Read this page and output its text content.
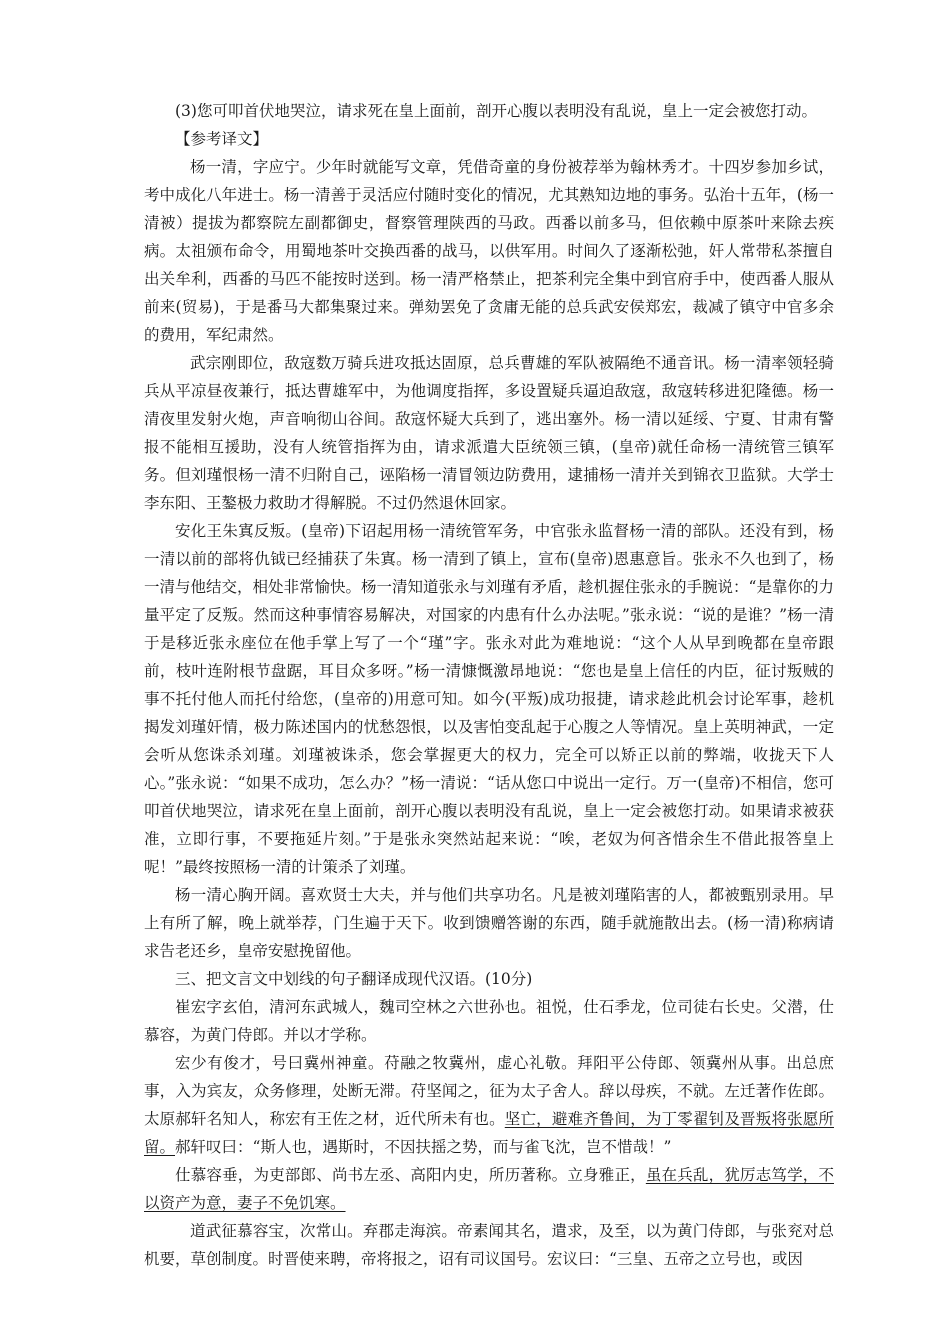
(3)您可叩首伏地哭泣，请求死在皇上面前，剖开心腹以表明没有乱说，皇上一定会被您打动。

【参考译文】

杨一清，字应宁。少年时就能写文章，凭借奇童的身份被荐举为翰林秀才。十四岁参加乡试，考中成化八年进士。杨一清善于灵活应付随时变化的情况，尤其熟知边地的事务。弘治十五年，(杨一清被）提拔为都察院左副都御史，督察管理陕西的马政。西番以前多马，但依赖中原茶叶来除去疾病。太祖颁布命令，用蜀地茶叶交换西番的战马，以供军用。时间久了逐渐松弛，奸人常带私茶擅自出关牟利，西番的马匹不能按时送到。杨一清严格禁止，把茶利完全集中到官府手中，使西番人服从前来(贸易)，于是番马大都集聚过来。弹劾罢免了贪庸无能的总兵武安侯郑宏，裁减了镇守中官多余的费用，军纪肃然。

武宗刚即位，敌寇数万骑兵进攻抵达固原，总兵曹雄的军队被隔绝不通音讯。杨一清率领轻骑兵从平凉昼夜兼行，抵达曹雄军中，为他调度指挥，多设置疑兵逼迫敌寇，敌寇转移进犯隆德。杨一清夜里发射火炮，声音响彻山谷间。敌寇怀疑大兵到了，逃出塞外。杨一清以延绥、宁夏、甘肃有警报不能相互援助，没有人统管指挥为由，请求派遣大臣统领三镇，(皇帝)就任命杨一清统管三镇军务。但刘瑾恨杨一清不归附自己，诬陷杨一清冒领边防费用，逮捕杨一清并关到锦衣卫监狱。大学士李东阳、王鏊极力救助才得解脱。不过仍然退休回家。

安化王朱寘反叛。(皇帝)下诏起用杨一清统管军务，中官张永监督杨一清的部队。还没有到，杨一清以前的部将仇钺已经捕获了朱寘。杨一清到了镇上，宣布(皇帝)恩惠意旨。张永不久也到了，杨一清与他结交，相处非常愉快。杨一清知道张永与刘瑾有矛盾，趁机握住张永的手腕说：“是靠你的力量平定了反叛。然而这种事情容易解决，对国家的内患有什么办法呢。”张永说：“说的是谁？”杨一清于是移近张永座位在他手掌上写了一个“瑾”字。张永对此为难地说：“这个人从早到晚都在皇帝跟前，枝叶连附根节盘踞，耳目众多呀。”杨一清慷慨激昂地说：“您也是皇上信任的内臣，征讨叛贼的事不托付他人而托付给您，(皇帝的)用意可知。如今(平叛)成功报捷，请求趁此机会讨论军事，趁机揭发刘瑾奸情，极力陈述国内的忧愁怨恨，以及害怕变乱起于心腹之人等情况。皇上英明神武，一定会听从您诛杀刘瑾。刘瑾被诛杀，您会掌握更大的权力，完全可以矫正以前的弊端，收拢天下人心。”张永说：“如果不成功，怎么办？”杨一清说：“话从您口中说出一定行。万一(皇帝)不相信，您可叩首伏地哭泣，请求死在皇上面前，剖开心腹以表明没有乱说，皇上一定会被您打动。如果请求被获准，立即行事，不要拖延片刻。”于是张永突然站起来说：“唉，老奴为何吝惜余生不借此报答皇上呢！”最终按照杨一清的计策杀了刘瑾。

杨一清心胸开阔。喜欢贤士大夫，并与他们共享功名。凡是被刘瑾陷害的人，都被甄别录用。早上有所了解，晚上就举荐，门生遍于天下。收到馈赠答谢的东西，随手就施散出去。(杨一清)称病请求告老还乡，皇帝安慰挽留他。

三、把文言文中划线的句子翻译成现代汉语。(10分)

崔宏字玄伯，清河东武城人，魏司空林之六世孙也。祖悦，仕石季龙，位司徒右长史。父潜，仕慕容，为黄门侍郎。并以才学称。

宏少有俊才，号曰冀州神童。苻融之牧冀州，虚心礼敬。拜阳平公侍郎、领冀州从事。出总庶事，入为宾友，众务修理，处断无滞。苻坚闻之，征为太子舍人。辞以母疾，不就。左迁著作佐郎。太原郝轩名知人，称宏有王佐之材，近代所未有也。坚亡，避难齐鲁间，为丁零翟钊及晋叛将张愿所留。郝轩叹曰：“斯人也，遇斯时，不因扶摇之势，而与雀飞沈，岂不惜哉！”

仕慕容垂，为吏部郎、尚书左丞、高阳内史，所历著称。立身雅正，虽在兵乱，犹厉志笃学，不以资产为意，妻子不免饥寒。

道武征慕容宝，次常山。弃郡走海滨。帝素闻其名，遣求，及至，以为黄门侍郎，与张兖对总机要，草创制度。时晋使来聘，帝将报之，诏有司议国号。宏议曰：“三皇、五帝之立号也，或因
